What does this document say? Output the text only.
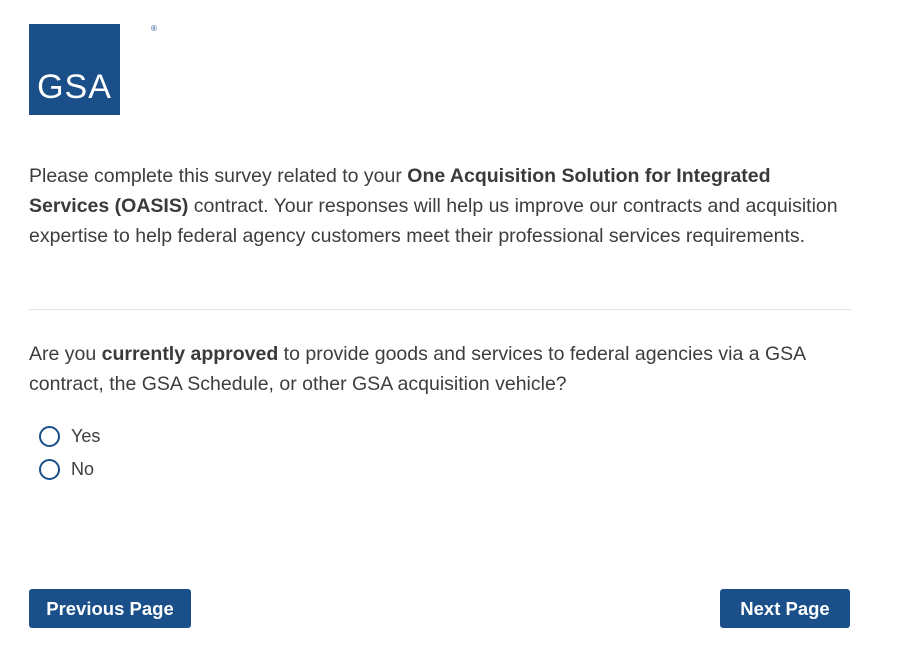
GSA
®
Please complete this survey related to your One Acquisition Solution for Integrated Services (OASIS) contract. Your responses will help us improve our contracts and acquisition expertise to help federal agency customers meet their professional services requirements.
Are you currently approved to provide goods and services to federal agencies via a GSA contract, the GSA Schedule, or other GSA acquisition vehicle?
Yes
No
Previous Page	Next Page
